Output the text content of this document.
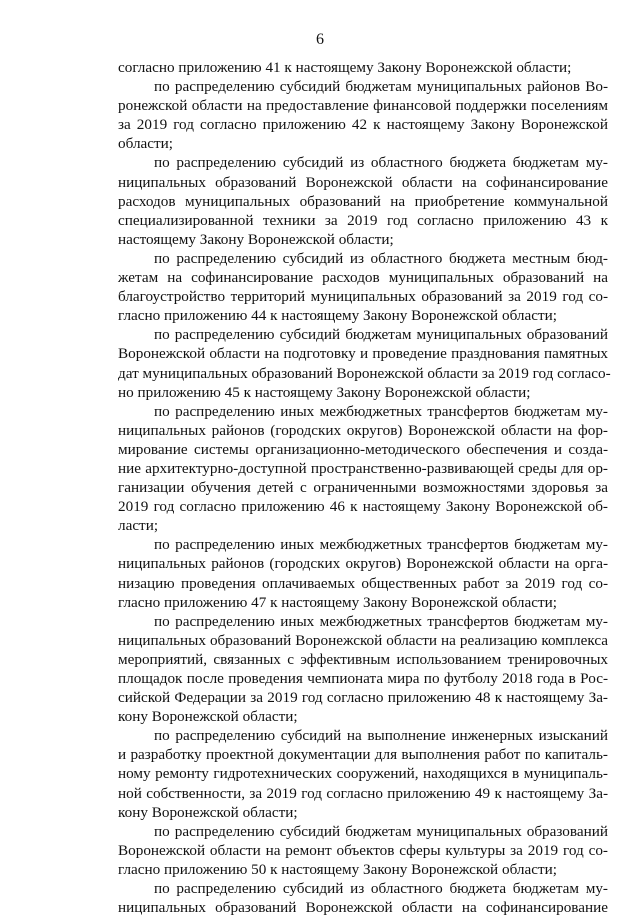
6
согласно приложению 41 к настоящему Закону Воронежской области;
по распределению субсидий бюджетам муниципальных районов Во-
ронежской области на предоставление финансовой поддержки поселениям
за 2019 год согласно приложению 42 к настоящему Закону Воронежской
области;
по распределению субсидий из областного бюджета бюджетам му-
ниципальных образований Воронежской области на софинансирование
расходов муниципальных образований на приобретение коммунальной
специализированной техники за 2019 год согласно приложению 43 к
настоящему Закону Воронежской области;
по распределению субсидий из областного бюджета местным бюд-
жетам на софинансирование расходов муниципальных образований на
благоустройство территорий муниципальных образований за 2019 год со-
гласно приложению 44 к настоящему Закону Воронежской области;
по распределению субсидий бюджетам муниципальных образований
Воронежской области на подготовку и проведение празднования памятных
дат муниципальных образований Воронежской области за 2019 год согласо-
но приложению 45 к настоящему Закону Воронежской области;
по распределению иных межбюджетных трансфертов бюджетам му-
ниципальных районов (городских округов) Воронежской области на фор-
мирование системы организационно-методического обеспечения и созда-
ние архитектурно-доступной пространственно-развивающей среды для ор-
ганизации обучения детей с ограниченными возможностями здоровья за
2019 год согласно приложению 46 к настоящему Закону Воронежской об-
ласти;
по распределению иных межбюджетных трансфертов бюджетам му-
ниципальных районов (городских округов) Воронежской области на орга-
низацию проведения оплачиваемых общественных работ за 2019 год со-
гласно приложению 47 к настоящему Закону Воронежской области;
по распределению иных межбюджетных трансфертов бюджетам му-
ниципальных образований Воронежской области на реализацию комплекса
мероприятий, связанных с эффективным использованием тренировочных
площадок после проведения чемпионата мира по футболу 2018 года в Рос-
сийской Федерации за 2019 год согласно приложению 48 к настоящему За-
кону Воронежской области;
по распределению субсидий на выполнение инженерных изысканий
и разработку проектной документации для выполнения работ по капиталь-
ному ремонту гидротехнических сооружений, находящихся в муниципаль-
ной собственности, за 2019 год согласно приложению 49 к настоящему За-
кону Воронежской области;
по распределению субсидий бюджетам муниципальных образований
Воронежской области на ремонт объектов сферы культуры за 2019 год со-
гласно приложению 50 к настоящему Закону Воронежской области;
по распределению субсидий из областного бюджета бюджетам му-
ниципальных образований Воронежской области на софинансирование
